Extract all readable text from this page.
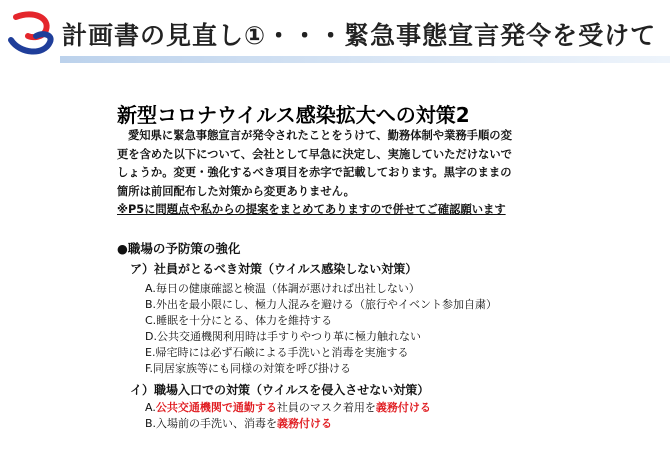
計画書の見直し①・・・緊急事態宣言発令を受けて
新型コロナウイルス感染拡大への対策2
愛知県に緊急事態宣言が発令されたことをうけて、勤務体制や業務手順の変
更を含めた以下について、会社として早急に決定し、実施していただけないで
しょうか。変更・強化するべき項目を赤字で記載しております。黒字のままの
箇所は前回配布した対策から変更ありません。
※P5に問題点や私からの提案をまとめてありますので併せてご確認願います
●職場の予防策の強化
ア）社員がとるべき対策（ウイルス感染しない対策）
A.毎日の健康確認と検温（体調が悪ければ出社しない）
B.外出を最小限にし、極力人混みを避ける（旅行やイベント参加自粛）
C.睡眠を十分にとる、体力を維持する
D.公共交通機関利用時は手すりやつり革に極力触れない
E.帰宅時には必ず石鹸による手洗いと消毒を実施する
F.同居家族等にも同様の対策を呼び掛ける
イ）職場入口での対策（ウイルスを侵入させない対策）
A.公共交通機関で通勤する社員のマスク着用を義務付ける
B.入場前の手洗い、消毒を義務付ける
